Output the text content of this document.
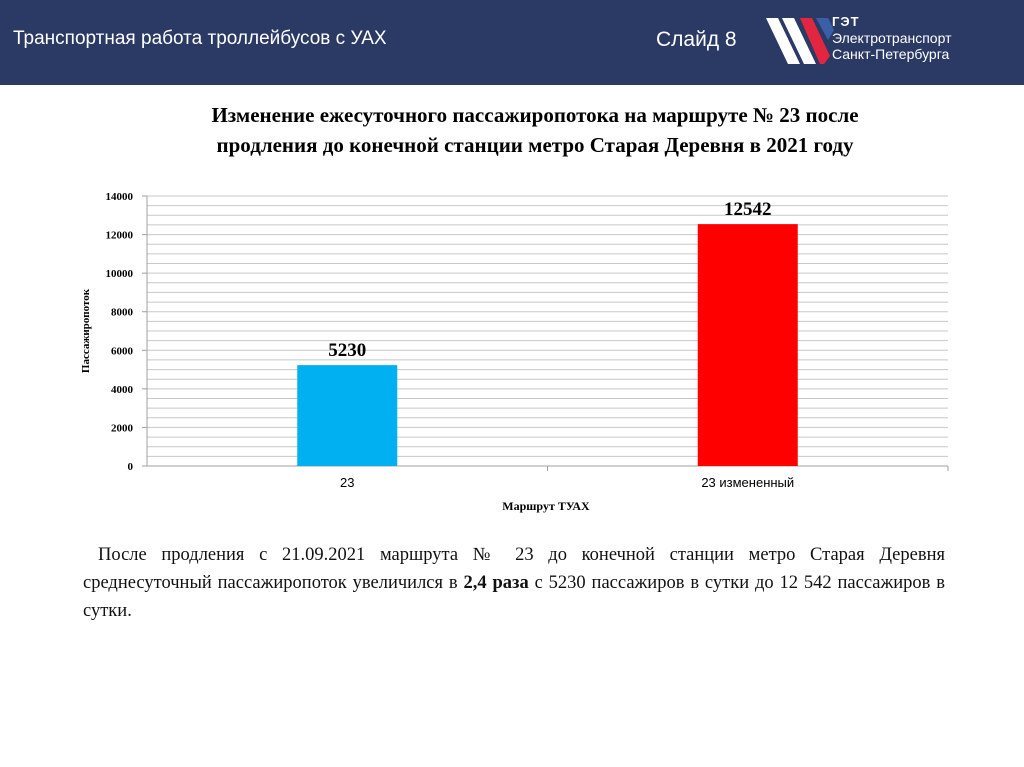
Транспортная работа троллейбусов с УАХ	Слайд 8
ГЭТ
Электротранспорт
Санкт-Петербурга
Изменение ежесуточного пассажиропотока на маршруте № 23 после
продления до конечной станции метро Старая Деревня в 2021 году
0
2000
4000
6000
8000
10000
12000
14000
Пассажиропоток	5230
23
12542
23 измененный
Маршрут ТУАХ
После продления с 21.09.2021 маршрута № 23 до конечной станции метро Старая Деревня среднесуточный пассажиропоток увеличился в 2,4 раза с 5230 пассажиров в сутки до 12 542 пассажиров в сутки.
